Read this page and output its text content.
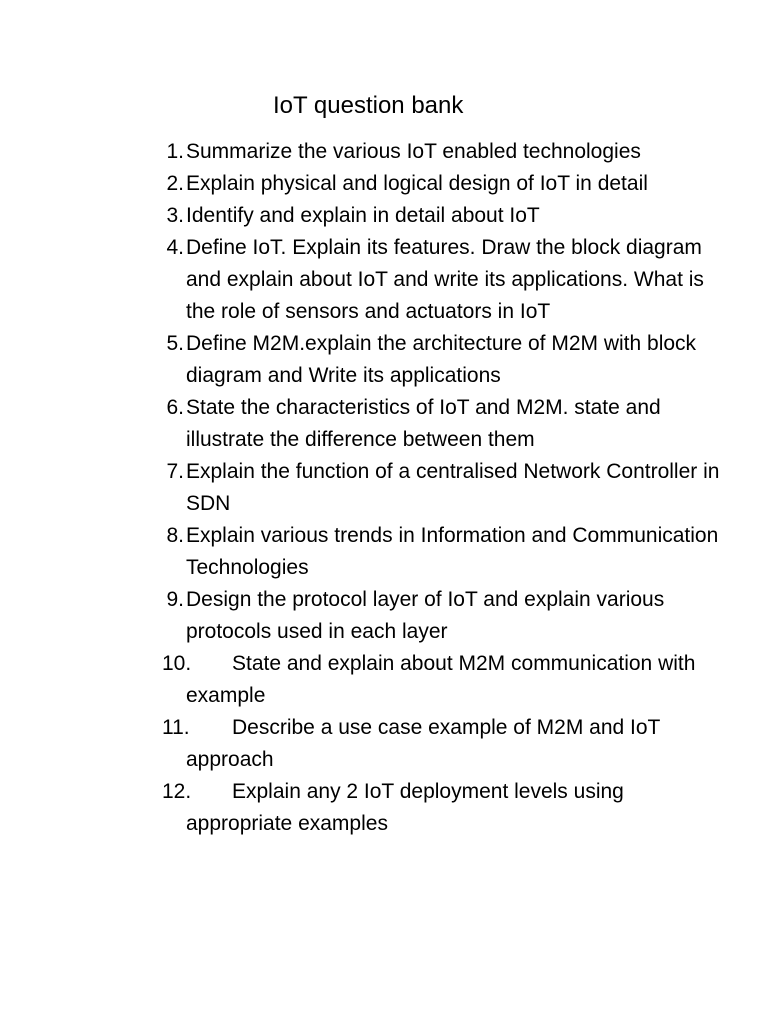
IoT question bank
1. Summarize the various IoT enabled technologies
2. Explain physical and logical design of IoT in detail
3. Identify and explain in detail about IoT
4. Define IoT. Explain its features. Draw the block diagram and explain about IoT and write its applications. What is the role of sensors and actuators in IoT
5. Define M2M.explain the architecture of M2M with block diagram and Write its applications
6. State the characteristics of IoT and M2M. state and illustrate the difference between them
7. Explain the function of a centralised Network Controller in SDN
8. Explain various trends in Information and Communication Technologies
9. Design the protocol layer of IoT and explain various protocols used in each layer
10.	State and explain about M2M communication with example
11.	Describe a use case example of M2M and IoT approach
12.	Explain any 2 IoT deployment levels using appropriate examples
